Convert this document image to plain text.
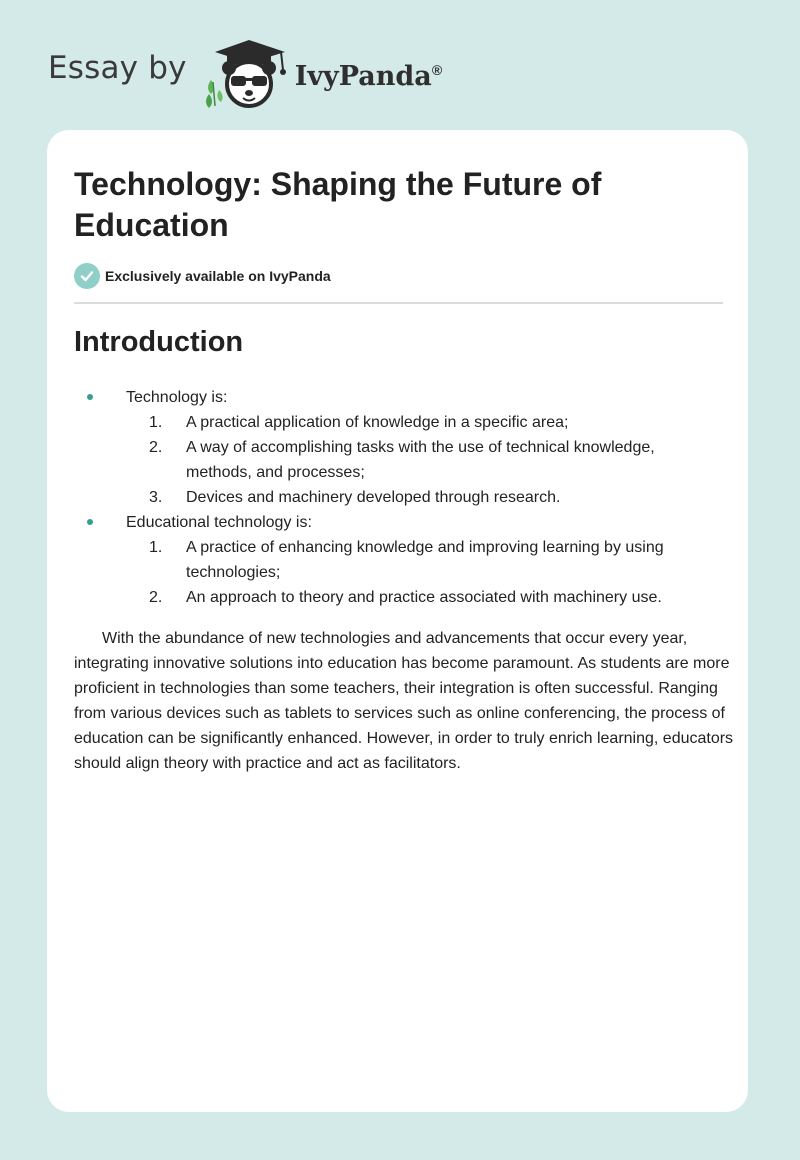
Essay by	IvyPanda®
Technology: Shaping the Future of Education
Exclusively available on IvyPanda
Introduction
Technology is:
1.	A practical application of knowledge in a specific area;
2.	A way of accomplishing tasks with the use of technical knowledge,
methods, and processes;
3.	Devices and machinery developed through research.
Educational technology is:
1.	A practice of enhancing knowledge and improving learning by using
technologies;
2.	An approach to theory and practice associated with machinery use.

With the abundance of new technologies and advancements that occur every year, integrating innovative solutions into education has become paramount. As students are more proficient in technologies than some teachers, their integration is often successful. Ranging from various devices such as tablets to services such as online conferencing, the process of education can be significantly enhanced. However, in order to truly enrich learning, educators should align theory with practice and act as facilitators.
